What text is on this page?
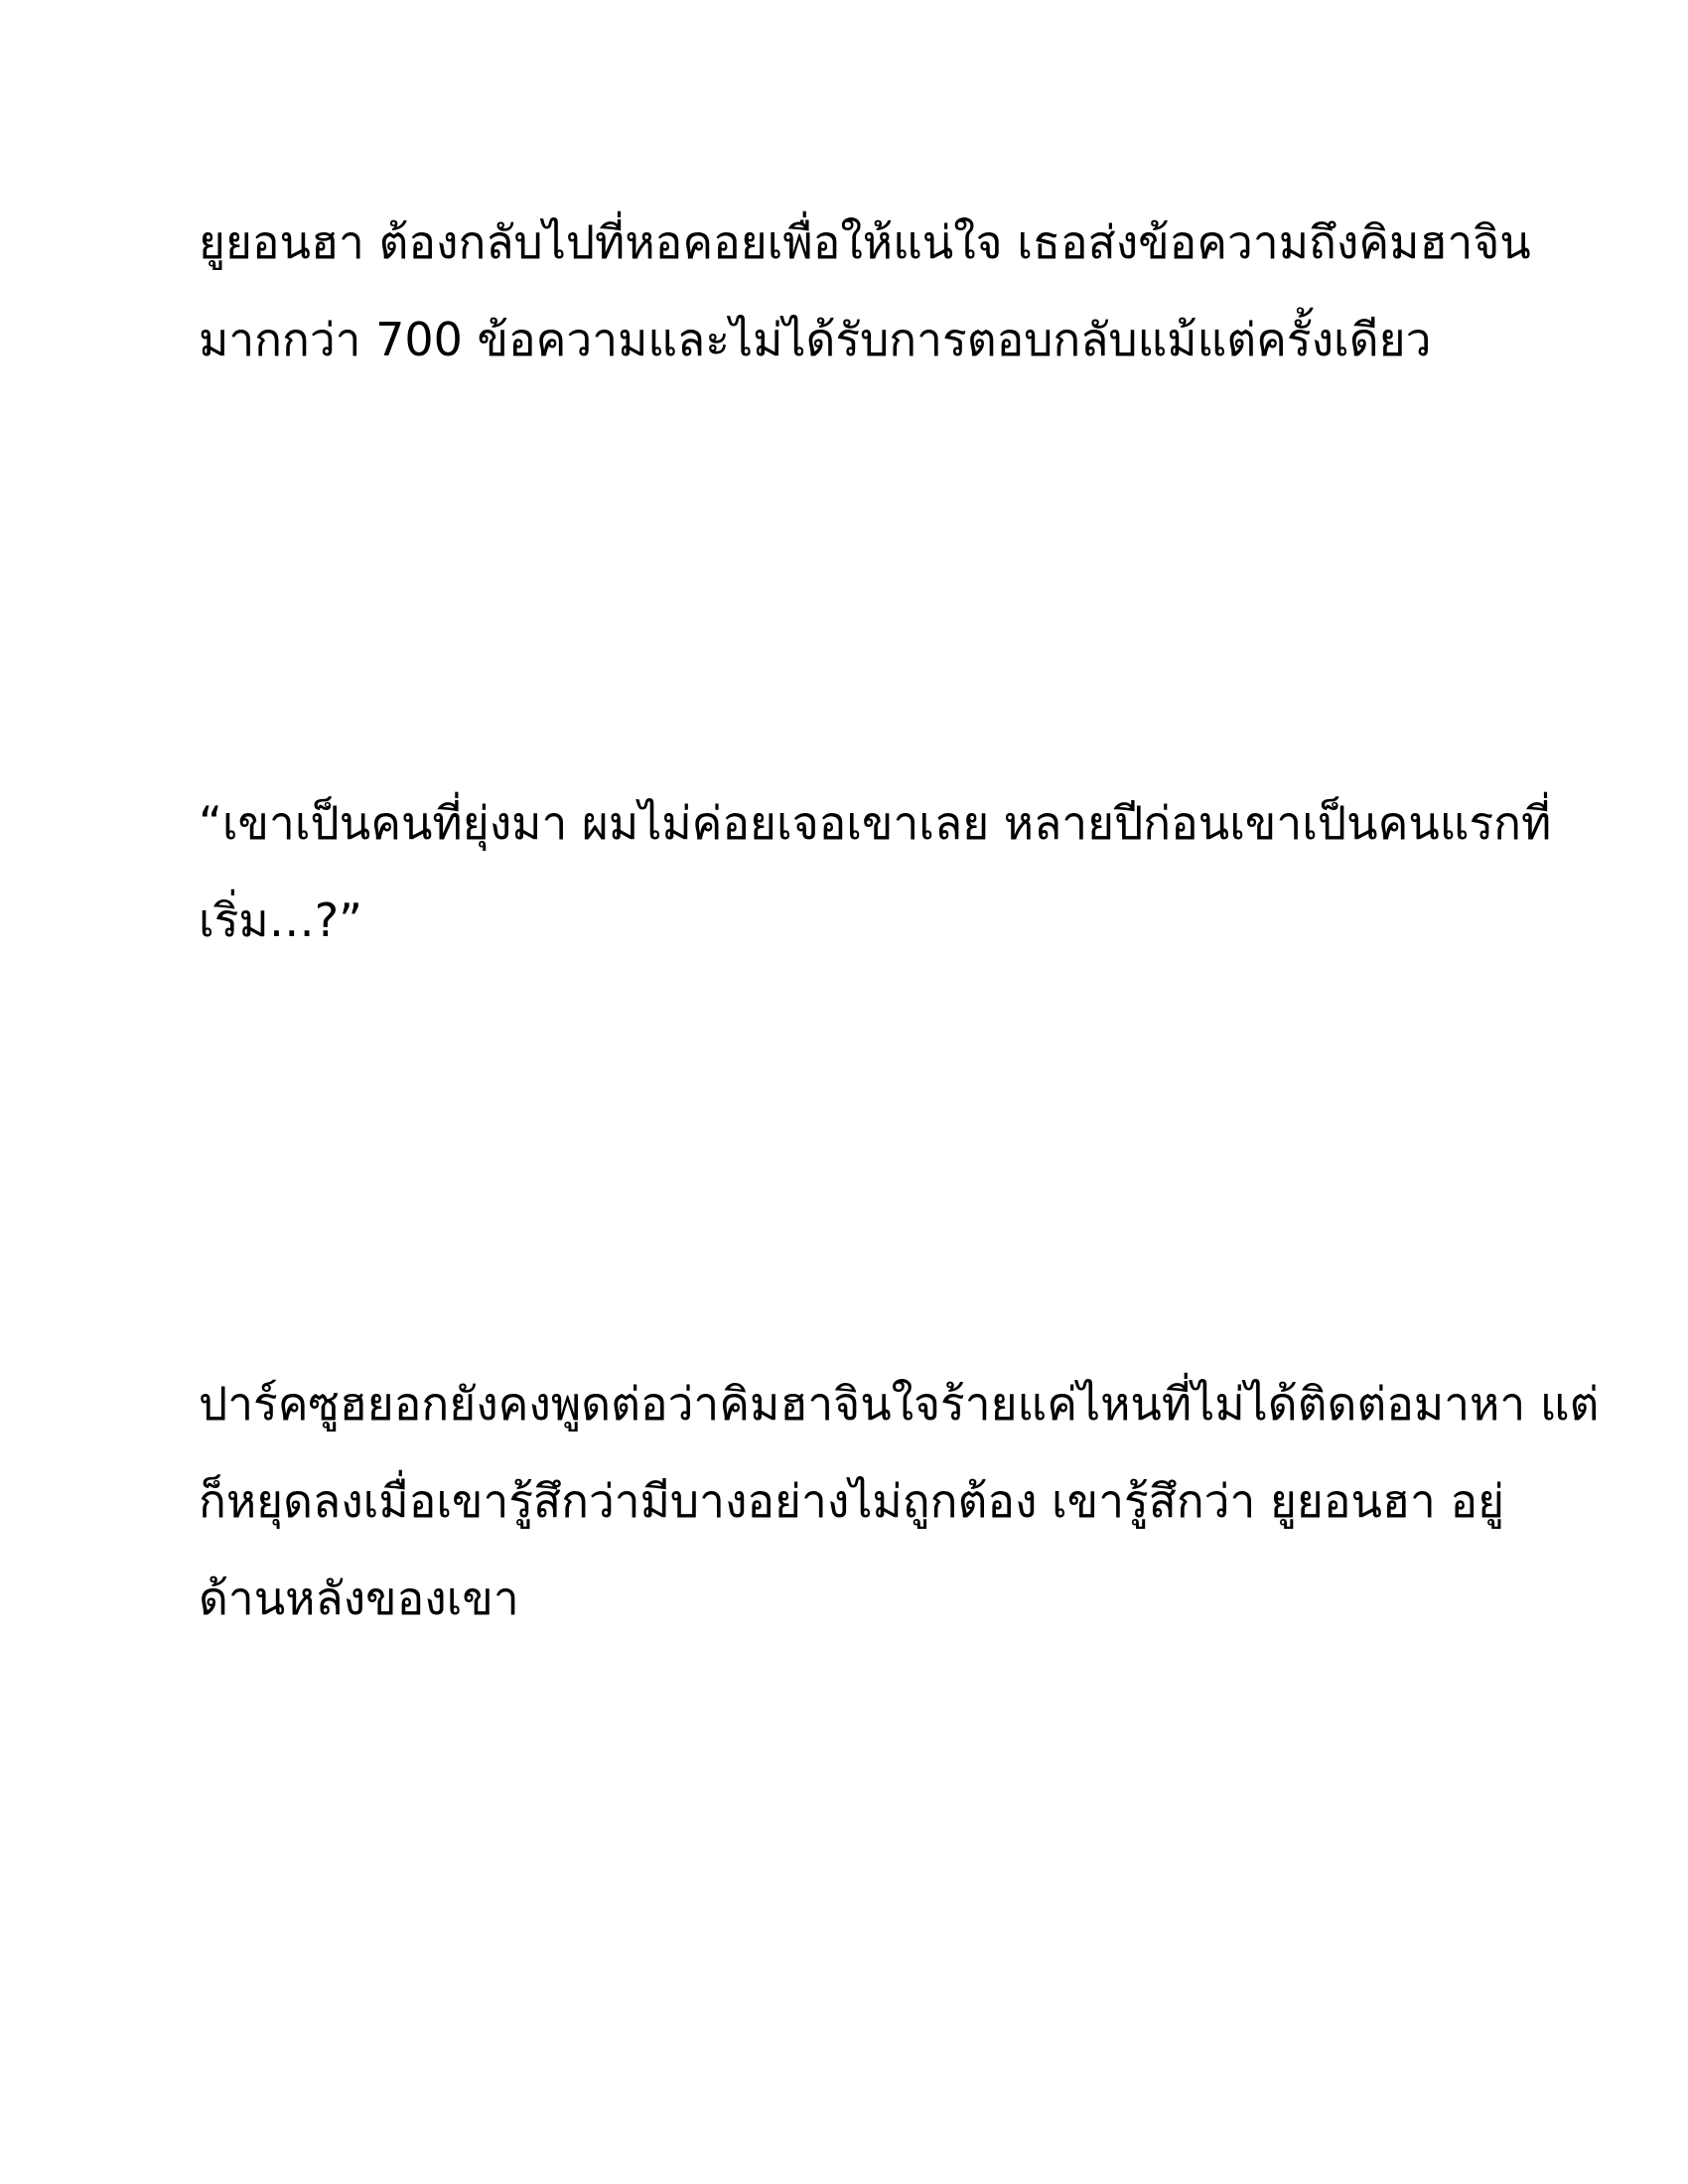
ยูยอนฮา ต้องกลับไปที่หอคอยเพื่อให้แน่ใจ เธอส่งข้อความถึงคิมฮาจิน
มากกว่า 700 ข้อความและไม่ได้รับการตอบกลับแม้แต่ครั้งเดียว

“เขาเป็นคนที่ยุ่งมา ผมไม่ค่อยเจอเขาเลย หลายปีก่อนเขาเป็นคนแรกที่
เริ่ม…?”

ปาร์คซูฮยอกยังคงพูดต่อว่าคิมฮาจินใจร้ายแค่ไหนที่ไม่ได้ติดต่อมาหา แต่
ก็หยุดลงเมื่อเขารู้สึกว่ามีบางอย่างไม่ถูกต้อง เขารู้สึกว่า ยูยอนฮา อยู่
ด้านหลังของเขา
